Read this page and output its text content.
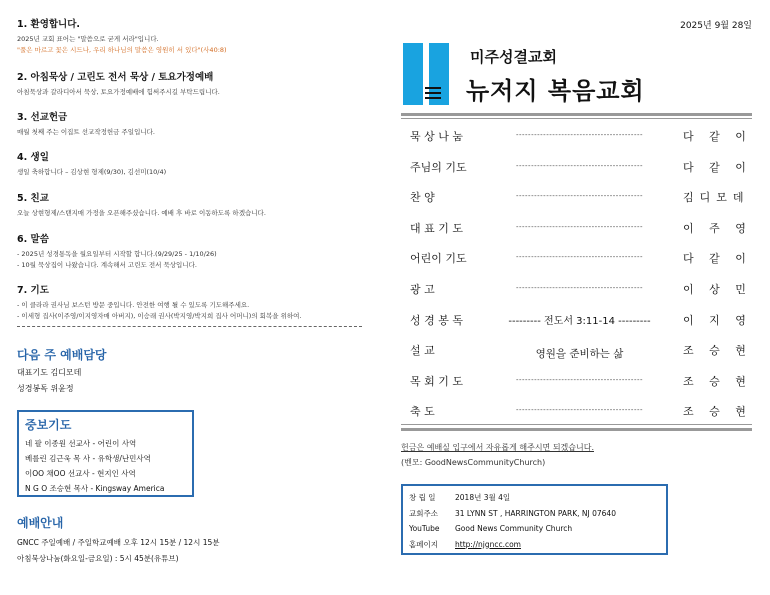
1. 환영합니다.
2025년 교회 표어는 "말씀으로 굳게 서라"입니다.
"풀은 마르고 꽃은 시드나, 우리 하나님의 말씀은 영원히 서 있다"(사40:8)
2. 아침묵상 / 고린도 전서 묵상 / 토요가정예배
아침묵상과 갈라디아서 묵상, 토요가정예배에 힘써주시길 부탁드립니다.
3. 선교헌금
매월 첫째 주는 이집트 선교작정헌금 주일입니다.
4. 생일
생일 축하합니다 – 김상현 형제(9/30), 김선미(10/4)
5. 친교
오늘 상현형제/스탠지매 가정을 오픈해주셨습니다. 예배 후 바로 이동하도록 하겠습니다.
6. 말씀
- 2025년 성경통독을 월요일부터 시작할 합니다.(9/29/25 - 1/10/26)
- 10월 묵상집이 나왔습니다. 계속해서 고린도 전서 묵상입니다.
7. 기도
- 이 클라라 권사님 보스턴 방문 중입니다. 안전한 여행 될 수 있도록 기도해주세요.
- 이세형 집사(이주영/이지영자매 아버지), 이승래 권사(박지영/박지희 집사 어머니)의 회복을 위하여.
다음 주 예배담당
대표기도 김디모데
성경봉독 위윤정
중보기도
네 팔 이종원 선교사 - 어린이 사역
베를린 김근욱 목 사 - 유학생/난민사역
이OO 채OO 선교사 - 현지인 사역
N G O 조승현 목사 - Kingsway America
예배안내
GNCC 주일예배 / 주일학교예배 오후 12시 15분 / 12시 15분
아침묵상나눔(화요일-금요일) : 5시 45분(유튜브)
2025년 9월 28일
미주성결교회
뉴저지 복음교회
묵 상 나 눔	------------------------------------------	다 같 이
주님의 기도	------------------------------------------	다 같 이
찬 양	------------------------------------------	김디모데
대 표 기 도	------------------------------------------	이 주 영
어린이 기도	------------------------------------------	다 같 이
광 고	------------------------------------------	이 상 민
성 경 봉 독	--------- 전도서 3:11-14 ---------	이 지 영
설 교	영원을 준비하는 삶	조 승 현
목 회 기 도	------------------------------------------	조 승 현
축 도	------------------------------------------	조 승 현
헌금은 예배실 입구에서 자유롭게 해주시면 되겠습니다.
(벤모: GoodNewsCommunityChurch)
창 립 일	2018년 3월 4일
교회주소 31 LYNN ST , HARRINGTON PARK, NJ 07640
YouTube Good News Community Church
홈페이지 http://njgncc.com
